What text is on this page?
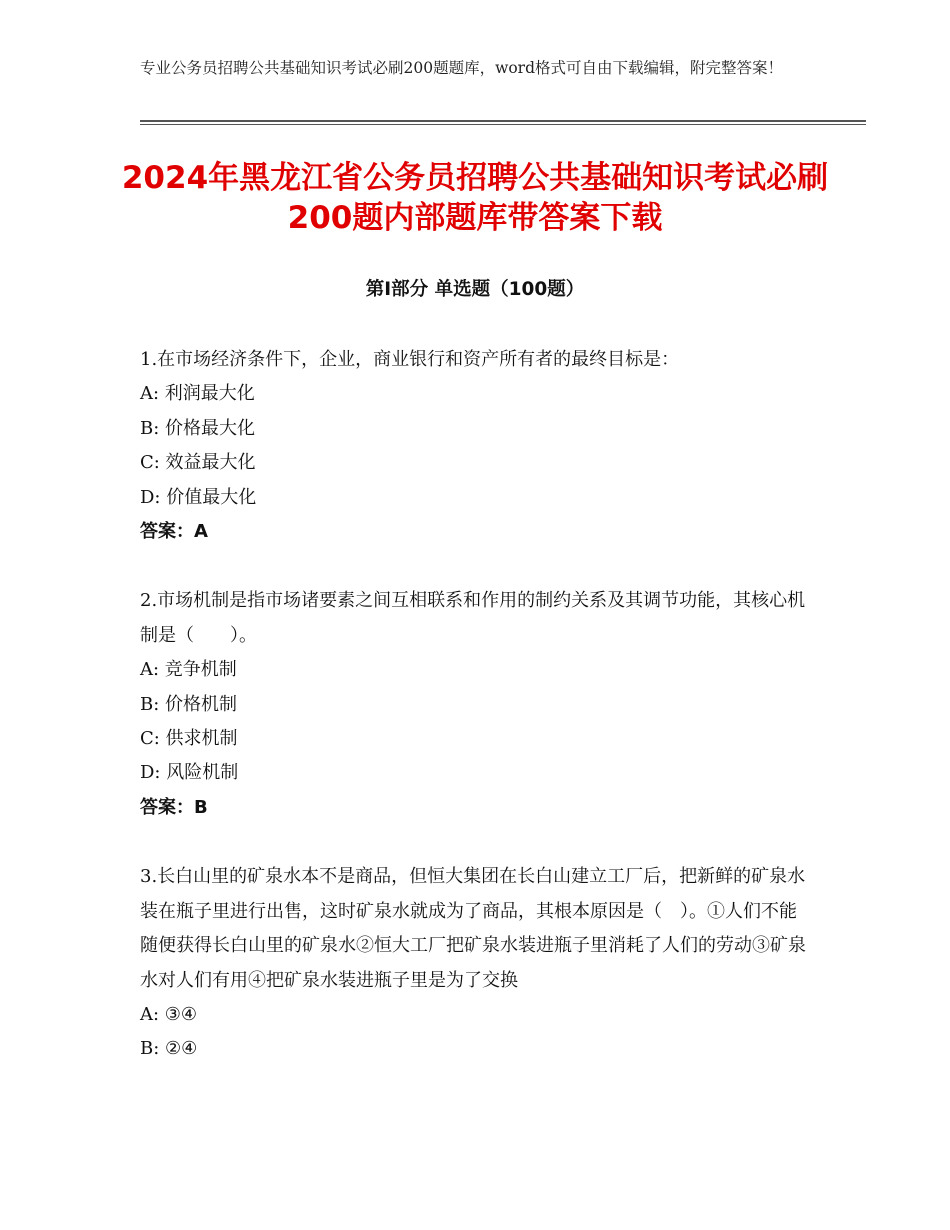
专业公务员招聘公共基础知识考试必刷200题题库，word格式可自由下载编辑，附完整答案！
2024年黑龙江省公务员招聘公共基础知识考试必刷200题内部题库带答案下载
第Ⅰ部分 单选题（100题）

1.在市场经济条件下，企业，商业银行和资产所有者的最终目标是：

A: 利润最大化

B: 价格最大化

C: 效益最大化

D: 价值最大化

答案：A

2.市场机制是指市场诸要素之间互相联系和作用的制约关系及其调节功能，其核心机制是（　　）。

A: 竞争机制

B: 价格机制

C: 供求机制

D: 风险机制

答案：B

3.长白山里的矿泉水本不是商品，但恒大集团在长白山建立工厂后，把新鲜的矿泉水装在瓶子里进行出售，这时矿泉水就成为了商品，其根本原因是（　）。①人们不能随便获得长白山里的矿泉水②恒大工厂把矿泉水装进瓶子里消耗了人们的劳动③矿泉水对人们有用④把矿泉水装进瓶子里是为了交换

A: ③④

B: ②④
